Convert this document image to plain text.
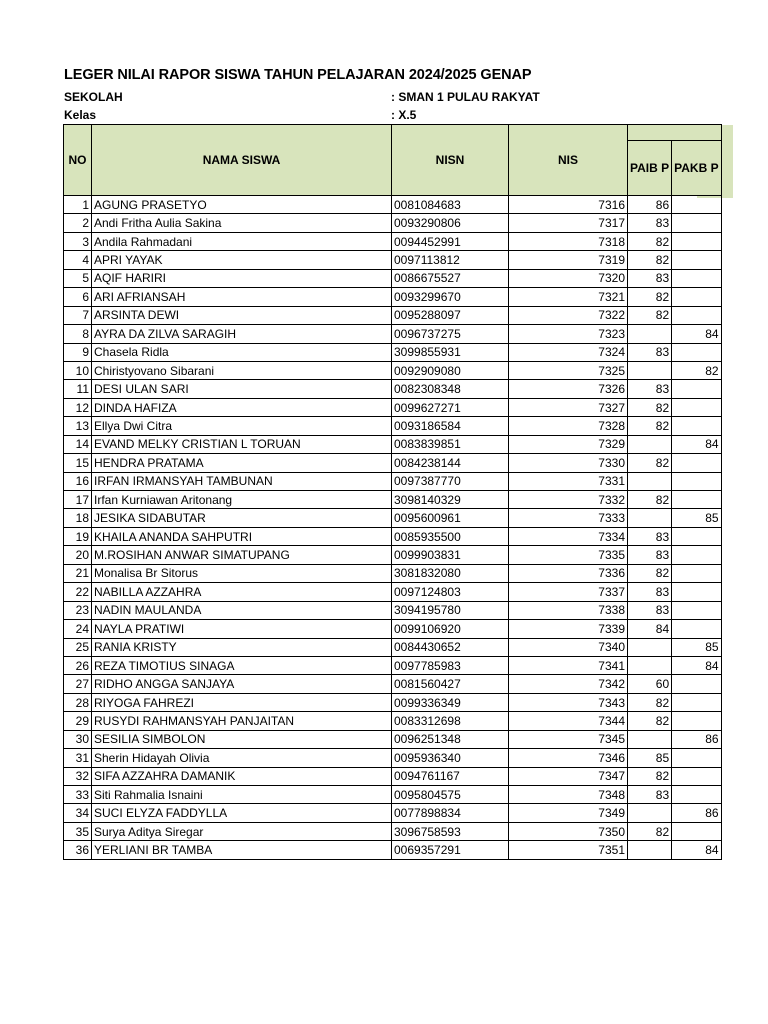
LEGER NILAI RAPOR SISWA TAHUN PELAJARAN 2024/2025 GENAP
SEKOLAH	: SMAN 1 PULAU RAKYAT
Kelas	: X.5
NO	NAMA SISWA	NISN	NIS		
				PAIB P	PAKB P
1	AGUNG PRASETYO	0081084683	7316	86	
2	Andi Fritha Aulia Sakina	0093290806	7317	83	
3	Andila Rahmadani	0094452991	7318	82	
4	APRI YAYAK	0097113812	7319	82	
5	AQIF HARIRI	0086675527	7320	83	
6	ARI AFRIANSAH	0093299670	7321	82	
7	ARSINTA DEWI	0095288097	7322	82	
8	AYRA DA ZILVA SARAGIH	0096737275	7323		84
9	Chasela Ridla	3099855931	7324	83	
10	Chiristyovano Sibarani	0092909080	7325		82
11	DESI ULAN SARI	0082308348	7326	83	
12	DINDA HAFIZA	0099627271	7327	82	
13	Ellya Dwi Citra	0093186584	7328	82	
14	EVAND MELKY CRISTIAN L TORUAN	0083839851	7329		84
15	HENDRA PRATAMA	0084238144	7330	82	
16	IRFAN IRMANSYAH TAMBUNAN	0097387770	7331		
17	Irfan Kurniawan Aritonang	3098140329	7332	82	
18	JESIKA SIDABUTAR	0095600961	7333		85
19	KHAILA ANANDA SAHPUTRI	0085935500	7334	83	
20	M.ROSIHAN ANWAR SIMATUPANG	0099903831	7335	83	
21	Monalisa Br Sitorus	3081832080	7336	82	
22	NABILLA AZZAHRA	0097124803	7337	83	
23	NADIN MAULANDA	3094195780	7338	83	
24	NAYLA PRATIWI	0099106920	7339	84	
25	RANIA KRISTY	0084430652	7340		85
26	REZA TIMOTIUS SINAGA	0097785983	7341		84
27	RIDHO ANGGA SANJAYA	0081560427	7342	60	
28	RIYOGA FAHREZI	0099336349	7343	82	
29	RUSYDI RAHMANSYAH PANJAITAN	0083312698	7344	82	
30	SESILIA SIMBOLON	0096251348	7345		86
31	Sherin Hidayah Olivia	0095936340	7346	85	
32	SIFA AZZAHRA DAMANIK	0094761167	7347	82	
33	Siti Rahmalia Isnaini	0095804575	7348	83	
34	SUCI ELYZA FADDYLLA	0077898834	7349		86
35	Surya Aditya Siregar	3096758593	7350	82	
36	YERLIANI BR TAMBA	0069357291	7351		84
